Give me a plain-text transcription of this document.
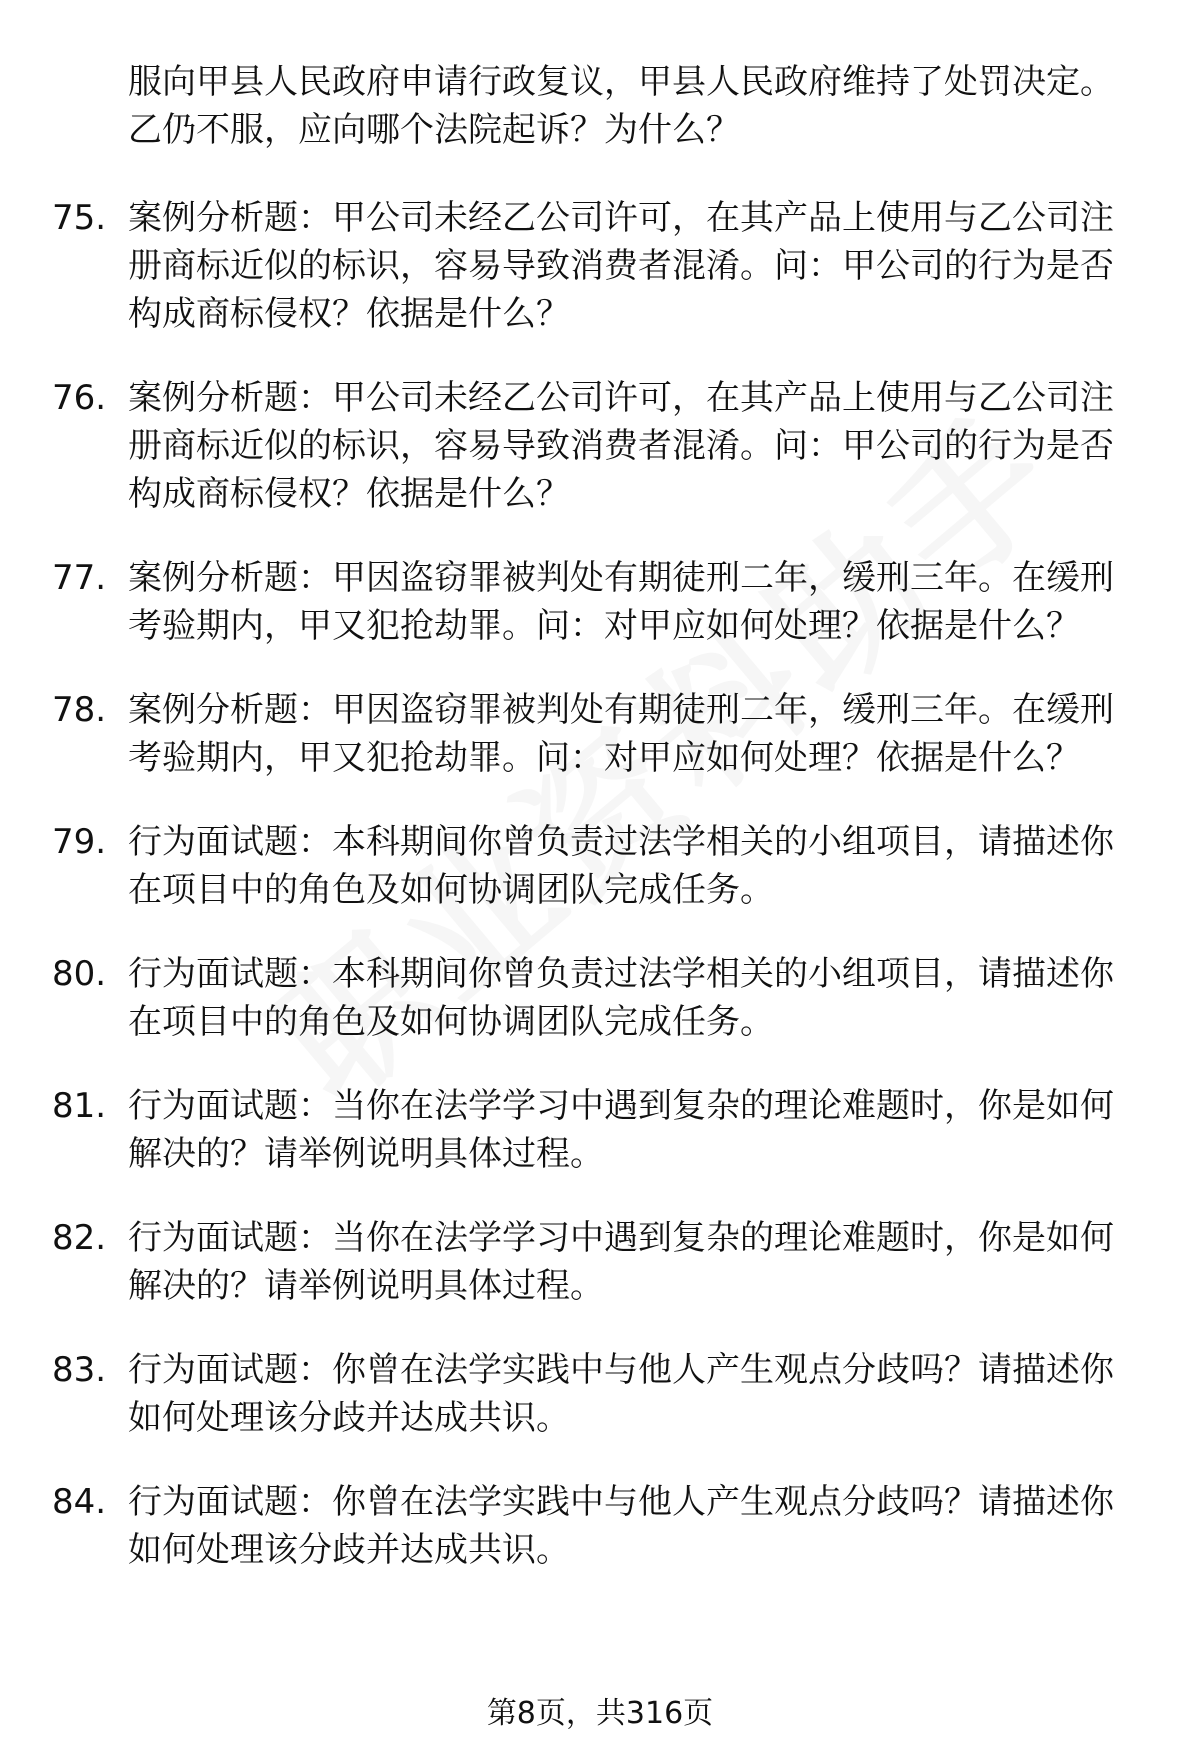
服向甲县人民政府申请行政复议，甲县人民政府维持了处罚决定。乙仍不服，应向哪个法院起诉？为什么？
75. 案例分析题：甲公司未经乙公司许可，在其产品上使用与乙公司注册商标近似的标识，容易导致消费者混淆。问：甲公司的行为是否构成商标侵权？依据是什么？
76. 案例分析题：甲公司未经乙公司许可，在其产品上使用与乙公司注册商标近似的标识，容易导致消费者混淆。问：甲公司的行为是否构成商标侵权？依据是什么？
77. 案例分析题：甲因盗窃罪被判处有期徒刑二年，缓刑三年。在缓刑考验期内，甲又犯抢劫罪。问：对甲应如何处理？依据是什么？
78. 案例分析题：甲因盗窃罪被判处有期徒刑二年，缓刑三年。在缓刑考验期内，甲又犯抢劫罪。问：对甲应如何处理？依据是什么？
79. 行为面试题：本科期间你曾负责过法学相关的小组项目，请描述你在项目中的角色及如何协调团队完成任务。
80. 行为面试题：本科期间你曾负责过法学相关的小组项目，请描述你在项目中的角色及如何协调团队完成任务。
81. 行为面试题：当你在法学学习中遇到复杂的理论难题时，你是如何解决的？请举例说明具体过程。
82. 行为面试题：当你在法学学习中遇到复杂的理论难题时，你是如何解决的？请举例说明具体过程。
83. 行为面试题：你曾在法学实践中与他人产生观点分歧吗？请描述你如何处理该分歧并达成共识。
84. 行为面试题：你曾在法学实践中与他人产生观点分歧吗？请描述你如何处理该分歧并达成共识。
第8页，共316页
